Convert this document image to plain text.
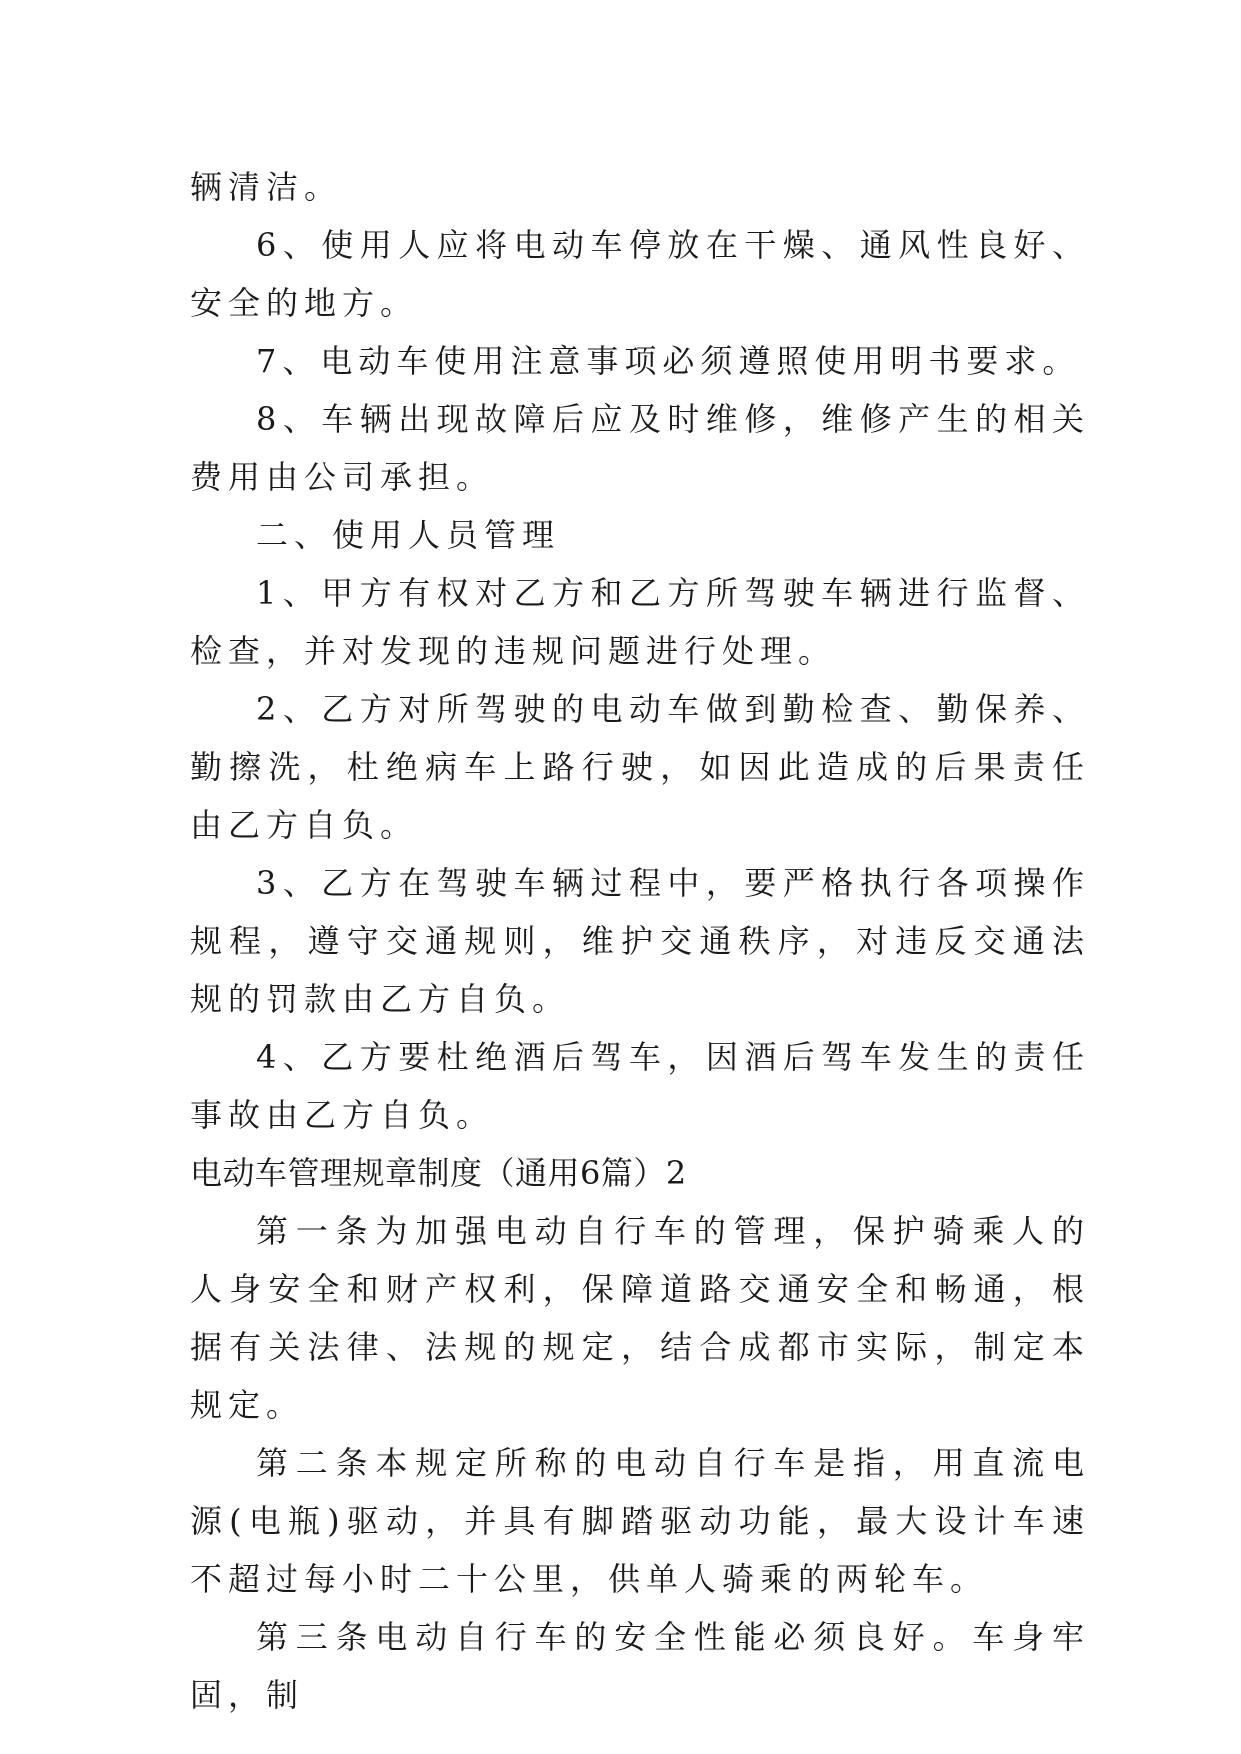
辆清洁。

6、使用人应将电动车停放在干燥、通风性良好、安全的地方。

7、电动车使用注意事项必须遵照使用明书要求。

8、车辆出现故障后应及时维修，维修产生的相关费用由公司承担。

二、使用人员管理

1、甲方有权对乙方和乙方所驾驶车辆进行监督、检查，并对发现的违规问题进行处理。

2、乙方对所驾驶的电动车做到勤检查、勤保养、勤擦洗，杜绝病车上路行驶，如因此造成的后果责任由乙方自负。

3、乙方在驾驶车辆过程中，要严格执行各项操作规程，遵守交通规则，维护交通秩序，对违反交通法规的罚款由乙方自负。

4、乙方要杜绝酒后驾车，因酒后驾车发生的责任事故由乙方自负。

电动车管理规章制度（通用6篇）2

第一条为加强电动自行车的管理，保护骑乘人的人身安全和财产权利，保障道路交通安全和畅通，根据有关法律、法规的规定，结合成都市实际，制定本规定。

第二条本规定所称的电动自行车是指，用直流电源(电瓶)驱动，并具有脚踏驱动功能，最大设计车速不超过每小时二十公里，供单人骑乘的两轮车。

第三条电动自行车的安全性能必须良好。车身牢固，制
